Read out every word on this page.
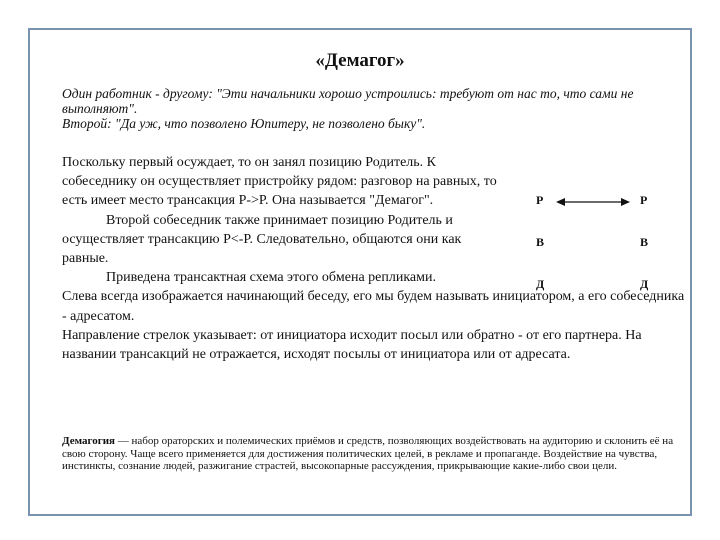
«Демагог»

Один работник - другому: "Эти начальники хорошо устроились: требуют от нас то, что сами не выполняют".

Второй: "Да уж, что позволено Юпитеру, не позволено быку".

Поскольку первый осуждает, то он занял позицию Родитель. К собеседнику он осуществляет пристройку рядом: разговор на равных, то есть имеет место трансакция Р->Р. Она называется "Демагог".

Второй собеседник также принимает позицию Родитель и осуществляет трансакцию Р<-Р. Следовательно, общаются они как равные.

Приведена трансактная схема этого обмена репликами.

Слева всегда изображается начинающий беседу, его мы будем называть инициатором, а его собеседника - адресатом.

Направление стрелок указывает: от инициатора исходит посыл или обратно - от его партнера. На названии трансакций не отражается, исходят посылы от инициатора или от адресата.

Р
В
Д
Р
В
Д
Демагогия — набор ораторских и полемических приёмов и средств, позволяющих воздействовать на аудиторию и склонить её на свою сторону. Чаще всего применяется для достижения политических целей, в рекламе и пропаганде. Воздействие на чувства, инстинкты, сознание людей, разжигание страстей, высокопарные рассуждения, прикрывающие какие-либо свои цели.
